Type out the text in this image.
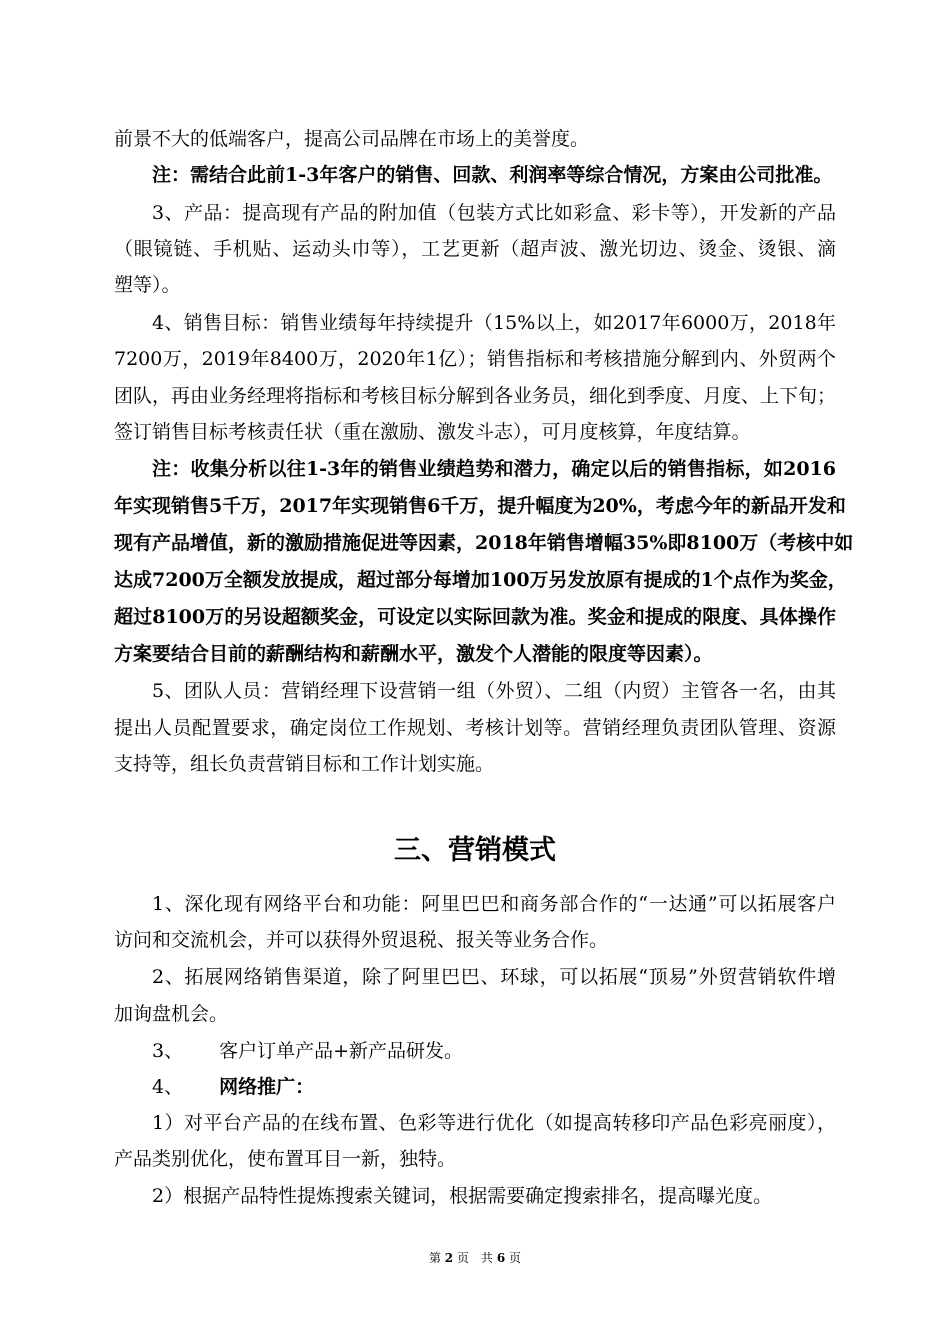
前景不大的低端客户，提高公司品牌在市场上的美誉度。
注：需结合此前1-3年客户的销售、回款、利润率等综合情况，方案由公司批准。
3、产品：提高现有产品的附加值（包装方式比如彩盒、彩卡等），开发新的产品
（眼镜链、手机贴、运动头巾等），工艺更新（超声波、激光切边、烫金、烫银、滴
塑等）。
4、销售目标：销售业绩每年持续提升（15%以上，如2017年6000万，2018年
7200万，2019年8400万，2020年1亿）；销售指标和考核措施分解到内、外贸两个
团队，再由业务经理将指标和考核目标分解到各业务员，细化到季度、月度、上下旬；
签订销售目标考核责任状（重在激励、激发斗志），可月度核算，年度结算。
注：收集分析以往1-3年的销售业绩趋势和潜力，确定以后的销售指标，如2016
年实现销售5千万，2017年实现销售6千万，提升幅度为20%，考虑今年的新品开发和
现有产品增值，新的激励措施促进等因素，2018年销售增幅35%即8100万（考核中如
达成7200万全额发放提成，超过部分每增加100万另发放原有提成的1个点作为奖金，
超过8100万的另设超额奖金，可设定以实际回款为准。奖金和提成的限度、具体操作
方案要结合目前的薪酬结构和薪酬水平，激发个人潜能的限度等因素）。
5、团队人员：营销经理下设营销一组（外贸）、二组（内贸）主管各一名，由其
提出人员配置要求，确定岗位工作规划、考核计划等。营销经理负责团队管理、资源
支持等，组长负责营销目标和工作计划实施。
三、营销模式
1、深化现有网络平台和功能：阿里巴巴和商务部合作的“一达通”可以拓展客户
访问和交流机会，并可以获得外贸退税、报关等业务合作。
2、拓展网络销售渠道，除了阿里巴巴、环球，可以拓展“顶易”外贸营销软件增
加询盘机会。
3、 客户订单产品+新产品研发。
4、 网络推广：
1）对平台产品的在线布置、色彩等进行优化（如提高转移印产品色彩亮丽度），
产品类别优化，使布置耳目一新，独特。
2）根据产品特性提炼搜索关键词，根据需要确定搜索排名，提高曝光度。
第 2 页　共 6 页
